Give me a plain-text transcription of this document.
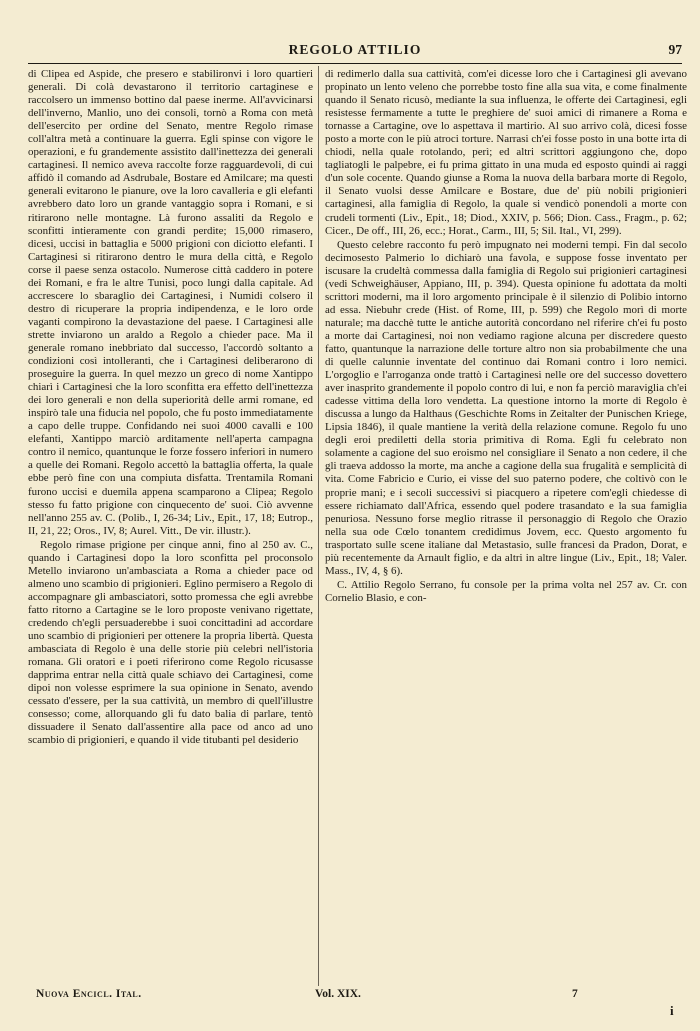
REGOLO ATTILIO	97

di Clipea ed Aspide, che presero e stabilironvi i loro quartieri generali. Di colà devastarono il territorio cartaginese e raccolsero un immenso bottino dal paese inerme. All'avvicinarsi dell'inverno, Manlio, uno dei consoli, tornò a Roma con metà dell'esercito per ordine del Senato, mentre Regolo rimase coll'altra metà a continuare la guerra. Egli spinse con vigore le operazioni, e fu grandemente assistito dall'inettezza dei generali cartaginesi. Il nemico aveva raccolte forze ragguardevoli, di cui affidò il comando ad Asdrubale, Bostare ed Amilcare; ma questi generali evitarono le pianure, ove la loro cavalleria e gli elefanti avrebbero dato loro un grande vantaggio sopra i Romani, e si ritirarono nelle montagne. Là furono assaliti da Regolo e sconfitti intieramente con grandi perdite; 15,000 rimasero, dicesi, uccisi in battaglia e 5000 prigioni con diciotto elefanti. I Cartaginesi si ritirarono dentro le mura della città, e Regolo corse il paese senza ostacolo. Numerose città caddero in potere dei Romani, e fra le altre Tunisi, poco lungi dalla capitale. Ad accrescere lo sbaraglio dei Cartaginesi, i Numidi colsero il destro di ricuperare la propria indipendenza, e le loro orde vaganti compirono la devastazione del paese. I Cartaginesi alle strette inviarono un araldo a Regolo a chieder pace. Ma il generale romano inebbriato dal successo, l'accordò soltanto a condizioni così intolleranti, che i Cartaginesi deliberarono di proseguire la guerra. In quel mezzo un greco di nome Xantippo chiarì i Cartaginesi che la loro sconfitta era effetto dell'inettezza dei loro generali e non della superiorità delle armi romane, ed inspirò tale una fiducia nel popolo, che fu posto immediatamente a capo delle truppe. Confidando nei suoi 4000 cavalli e 100 elefanti, Xantippo marciò arditamente nell'aperta campagna contro il nemico, quantunque le forze fossero inferiori in numero a quelle dei Romani. Regolo accettò la battaglia offerta, la quale ebbe però fine con una compiuta disfatta. Trentamila Romani furono uccisi e duemila appena scamparono a Clipea; Regolo stesso fu fatto prigione con cinquecento de' suoi. Ciò avvenne nell'anno 255 av. C. (Polib., I, 26-34; Liv., Epit., 17, 18; Eutrop., II, 21, 22; Oros., IV, 8; Aurel. Vitt., De vir. illustr.).

Regolo rimase prigione per cinque anni, fino al 250 av. C., quando i Cartaginesi dopo la loro sconfitta pel proconsolo Metello inviarono un'ambasciata a Roma a chieder pace od almeno uno scambio di prigionieri. Eglino permisero a Regolo di accompagnare gli ambasciatori, sotto promessa che egli avrebbe fatto ritorno a Cartagine se le loro proposte venivano rigettate, credendo ch'egli persuaderebbe i suoi concittadini ad accordare uno scambio di prigionieri per ottenere la propria libertà. Questa ambasciata di Regolo è una delle storie più celebri nell'istoria romana. Gli oratori e i poeti riferirono come Regolo ricusasse dapprima entrar nella città quale schiavo dei Cartaginesi, come dipoi non volesse esprimere la sua opinione in Senato, avendo cessato d'essere, per la sua cattività, un membro di quell'illustre consesso; come, allorquando gli fu dato balia di parlare, tentò dissuadere il Senato dall'assentire alla pace od anco ad uno scambio di prigionieri, e quando il vide titubanti pel desiderio

di redimerlo dalla sua cattività, com'ei dicesse loro che i Cartaginesi gli avevano propinato un lento veleno che porrebbe tosto fine alla sua vita, e come finalmente quando il Senato ricusò, mediante la sua influenza, le offerte dei Cartaginesi, egli resistesse fermamente a tutte le preghiere de' suoi amici di rimanere a Roma e tornasse a Cartagine, ove lo aspettava il martirio. Al suo arrivo colà, dicesi fosse posto a morte con le più atroci torture. Narrasi ch'ei fosse posto in una botte irta di chiodi, nella quale rotolando, perì; ed altri scrittori aggiungono che, dopo tagliatogli le palpebre, ei fu prima gittato in una muda ed esposto quindi ai raggi d'un sole cocente. Quando giunse a Roma la nuova della barbara morte di Regolo, il Senato vuolsi desse Amilcare e Bostare, due de' più nobili prigionieri cartaginesi, alla famiglia di Regolo, la quale si vendicò ponendoli a morte con crudeli tormenti (Liv., Epit., 18; Diod., XXIV, p. 566; Dion. Cass., Fragm., p. 62; Cicer., De off., III, 26, ecc.; Horat., Carm., III, 5; Sil. Ital., VI, 299).

Questo celebre racconto fu però impugnato nei moderni tempi. Fin dal secolo decimosesto Palmerio lo dichiarò una favola, e suppose fosse inventato per iscusare la crudeltà commessa dalla famiglia di Regolo sui prigionieri cartaginesi (vedi Schweighäuser, Appiano, III, p. 394). Questa opinione fu adottata da molti scrittori moderni, ma il loro argomento principale è il silenzio di Polibio intorno ad essa. Niebuhr crede (Hist. of Rome, III, p. 599) che Regolo morì di morte naturale; ma dacchè tutte le antiche autorità concordano nel riferire ch'ei fu posto a morte dai Cartaginesi, noi non vediamo ragione alcuna per discredere questo fatto, quantunque la narrazione delle torture altro non sia probabilmente che una di quelle calunnie inventate del continuo dai Romani contro i loro nemici. L'orgoglio e l'arroganza onde trattò i Cartaginesi nelle ore del successo dovettero aver inasprito grandemente il popolo contro di lui, e non fa perciò maraviglia ch'ei cadesse vittima della loro vendetta. La questione intorno la morte di Regolo è discussa a lungo da Halthaus (Geschichte Roms in Zeitalter der Punischen Kriege, Lipsia 1846), il quale mantiene la verità della relazione comune. Regolo fu uno degli eroi prediletti della storia primitiva di Roma. Egli fu celebrato non solamente a cagione del suo eroismo nel consigliare il Senato a non cedere, il che gli traeva addosso la morte, ma anche a cagione della sua frugalità e semplicità di vita. Come Fabricio e Curio, ei visse del suo paterno podere, che coltivò con le proprie mani; e i secoli successivi si piacquero a ripetere com'egli chiedesse di essere richiamato dall'Africa, essendo quel podere trasandato e la sua famiglia penuriosa. Nessuno forse meglio ritrasse il personaggio di Regolo che Orazio nella sua ode Cœlo tonantem credidimus Jovem, ecc. Questo argomento fu trasportato sulle scene italiane dal Metastasio, sulle francesi da Pradon, Dorat, e più recentemente da Arnault figlio, e da altri in altre lingue (Liv., Epit., 18; Valer. Mass., IV, 4, § 6).

C. Attilio Regolo Serrano, fu console per la prima volta nel 257 av. Cr. con Cornelio Blasio, e con-

Nuova Encicl. Ital.	Vol. XIX.	7
i
